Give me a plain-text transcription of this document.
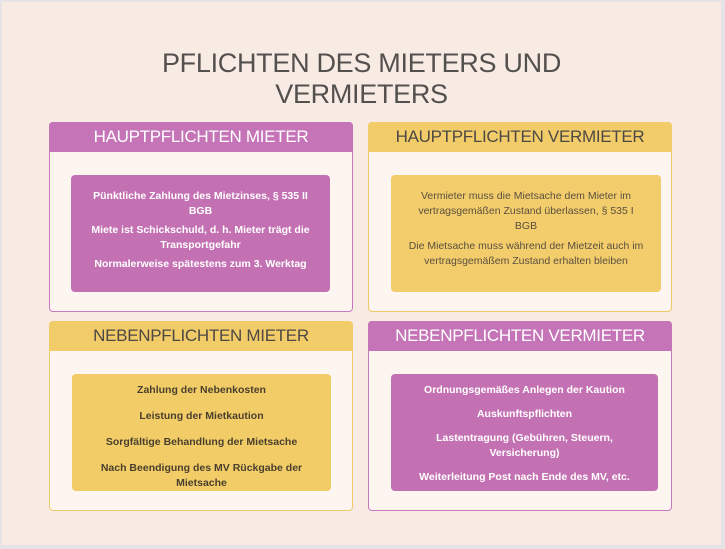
PFLICHTEN DES MIETERS UND
VERMIETERS
HAUPTPFLICHTEN MIETER

Pünktliche Zahlung des Mietzinses, § 535 II BGB

Miete ist Schickschuld, d. h. Mieter trägt die Transportgefahr

Normalerweise spätestens zum 3. Werktag

HAUPTPFLICHTEN VERMIETER

Vermieter muss die Mietsache dem Mieter im vertragsgemäßen Zustand überlassen, § 535 I BGB

Die Mietsache muss während der Mietzeit auch im vertragsgemäßem Zustand erhalten bleiben

NEBENPFLICHTEN MIETER

Zahlung der Nebenkosten

Leistung der Mietkaution

Sorgfältige Behandlung der Mietsache

Nach Beendigung des MV Rückgabe der Mietsache

NEBENPFLICHTEN VERMIETER

Ordnungsgemäßes Anlegen der Kaution

Auskunftspflichten

Lastentragung (Gebühren, Steuern, Versicherung)

Weiterleitung Post nach Ende des MV, etc.
